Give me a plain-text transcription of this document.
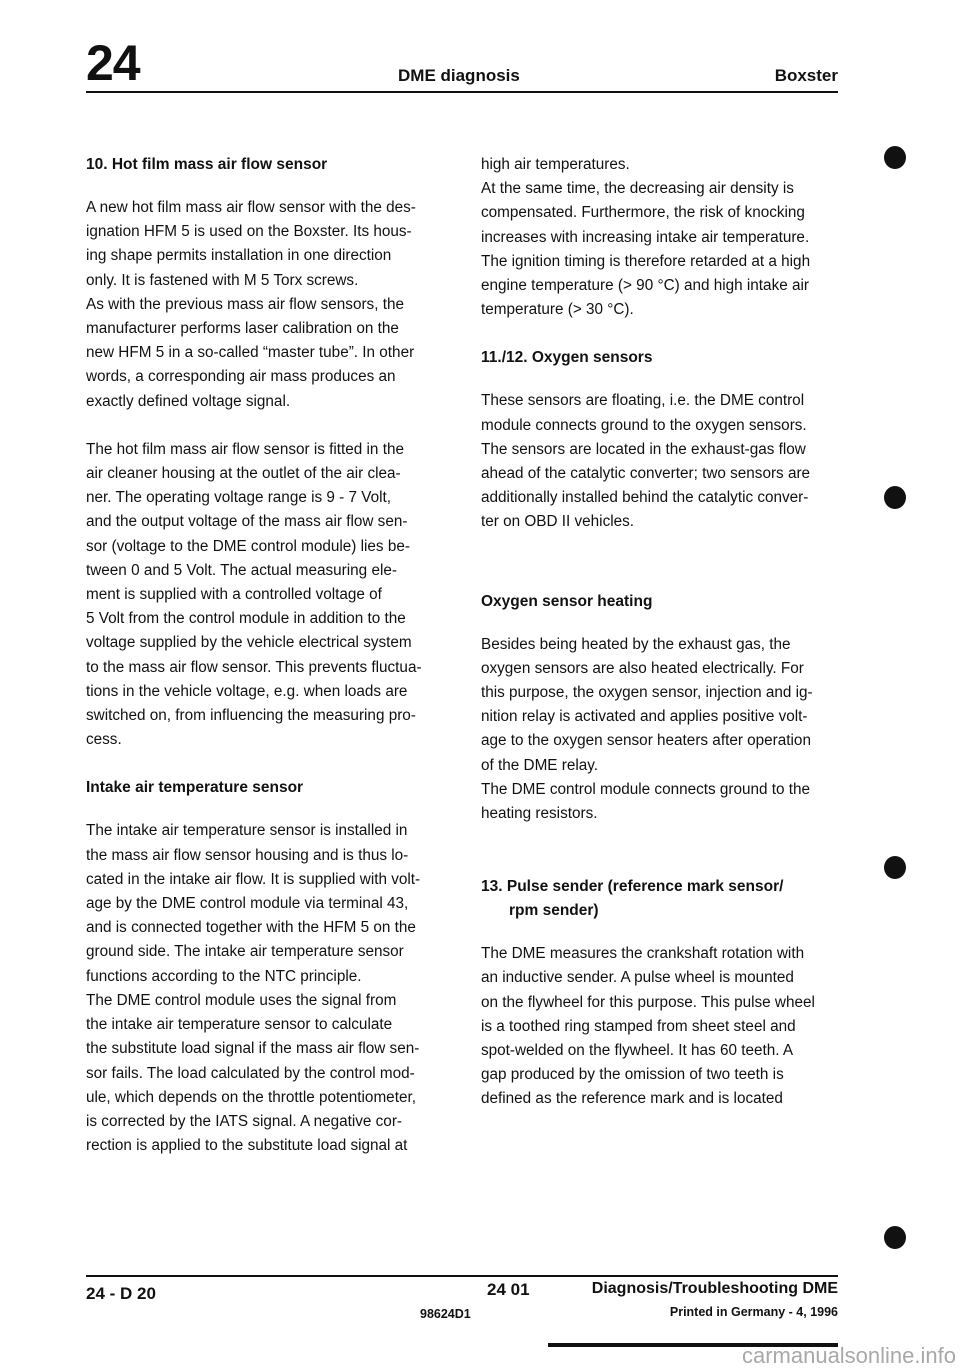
24	DME diagnosis	Boxster
10. Hot film mass air flow sensor

A new hot film mass air flow sensor with the des-

ignation HFM 5 is used on the Boxster. Its hous-

ing shape permits installation in one direction

only. It is fastened with M 5 Torx screws.

As with the previous mass air flow sensors, the

manufacturer performs laser calibration on the

new HFM 5 in a so-called “master tube”. In other

words, a corresponding air mass produces an

exactly defined voltage signal.

The hot film mass air flow sensor is fitted in the

air cleaner housing at the outlet of the air clea-

ner. The operating voltage range is 9 - 7 Volt,

and the output voltage of the mass air flow sen-

sor (voltage to the DME control module) lies be-

tween 0 and 5 Volt. The actual measuring ele-

ment is supplied with a controlled voltage of

5 Volt from the control module in addition to the

voltage supplied by the vehicle electrical system

to the mass air flow sensor. This prevents fluctua-

tions in the vehicle voltage, e.g. when loads are

switched on, from influencing the measuring pro-

cess.

Intake air temperature sensor

The intake air temperature sensor is installed in

the mass air flow sensor housing and is thus lo-

cated in the intake air flow. It is supplied with volt-

age by the DME control module via terminal 43,

and is connected together with the HFM 5 on the

ground side. The intake air temperature sensor

functions according to the NTC principle.

The DME control module uses the signal from

the intake air temperature sensor to calculate

the substitute load signal if the mass air flow sen-

sor fails. The load calculated by the control mod-

ule, which depends on the throttle potentiometer,

is corrected by the IATS signal. A negative cor-

rection is applied to the substitute load signal at

high air temperatures.

At the same time, the decreasing air density is

compensated. Furthermore, the risk of knocking

increases with increasing intake air temperature.

The ignition timing is therefore retarded at a high

engine temperature (> 90 °C) and high intake air

temperature (> 30 °C).

11./12. Oxygen sensors

These sensors are floating, i.e. the DME control

module connects ground to the oxygen sensors.

The sensors are located in the exhaust-gas flow

ahead of the catalytic converter; two sensors are

additionally installed behind the catalytic conver-

ter on OBD II vehicles.

Oxygen sensor heating

Besides being heated by the exhaust gas, the

oxygen sensors are also heated electrically. For

this purpose, the oxygen sensor, injection and ig-

nition relay is activated and applies positive volt-

age to the oxygen sensor heaters after operation

of the DME relay.

The DME control module connects ground to the

heating resistors.

13. Pulse sender (reference mark sensor/
rpm sender)

The DME measures the crankshaft rotation with

an inductive sender. A pulse wheel is mounted

on the flywheel for this purpose. This pulse wheel

is a toothed ring stamped from sheet steel and

spot-welded on the flywheel. It has 60 teeth. A

gap produced by the omission of two teeth is

defined as the reference mark and is located

24 - D 20	24 01	Diagnosis/Troubleshooting DME
98624D1	Printed in Germany - 4, 1996
carmanualsonline.info
